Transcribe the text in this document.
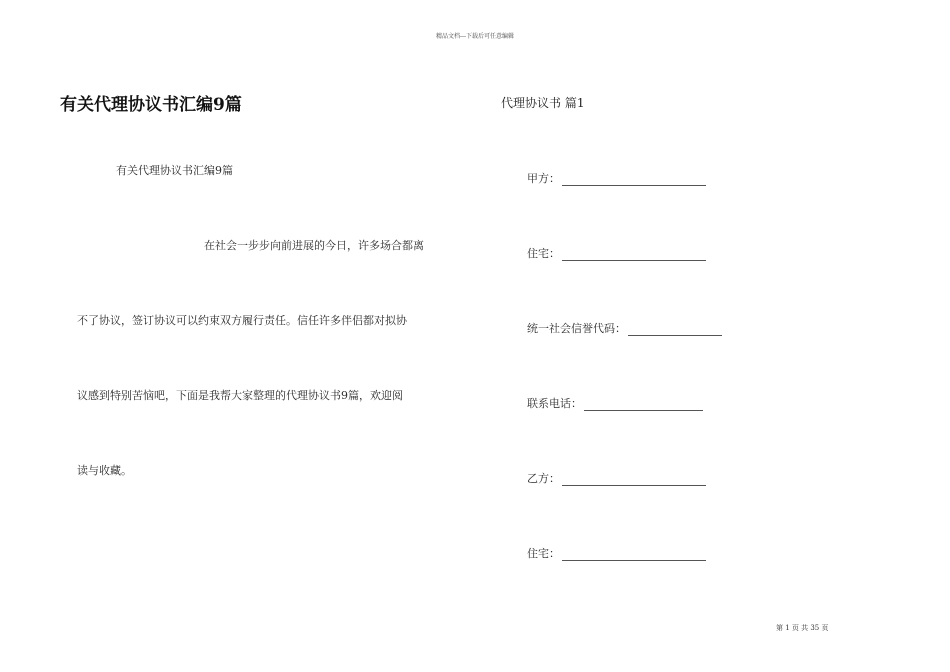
精品文档---下载后可任意编辑
有关代理协议书汇编9篇
有关代理协议书汇编9篇
在社会一步步向前进展的今日，许多场合都离
不了协议，签订协议可以约束双方履行责任。信任许多伴侣都对拟协
议感到特别苦恼吧，下面是我帮大家整理的代理协议书9篇，欢迎阅
读与收藏。
代理协议书 篇1
甲方：
住宅：
统一社会信誉代码：
联系电话：
乙方：
住宅：
第 1 页 共 35 页
